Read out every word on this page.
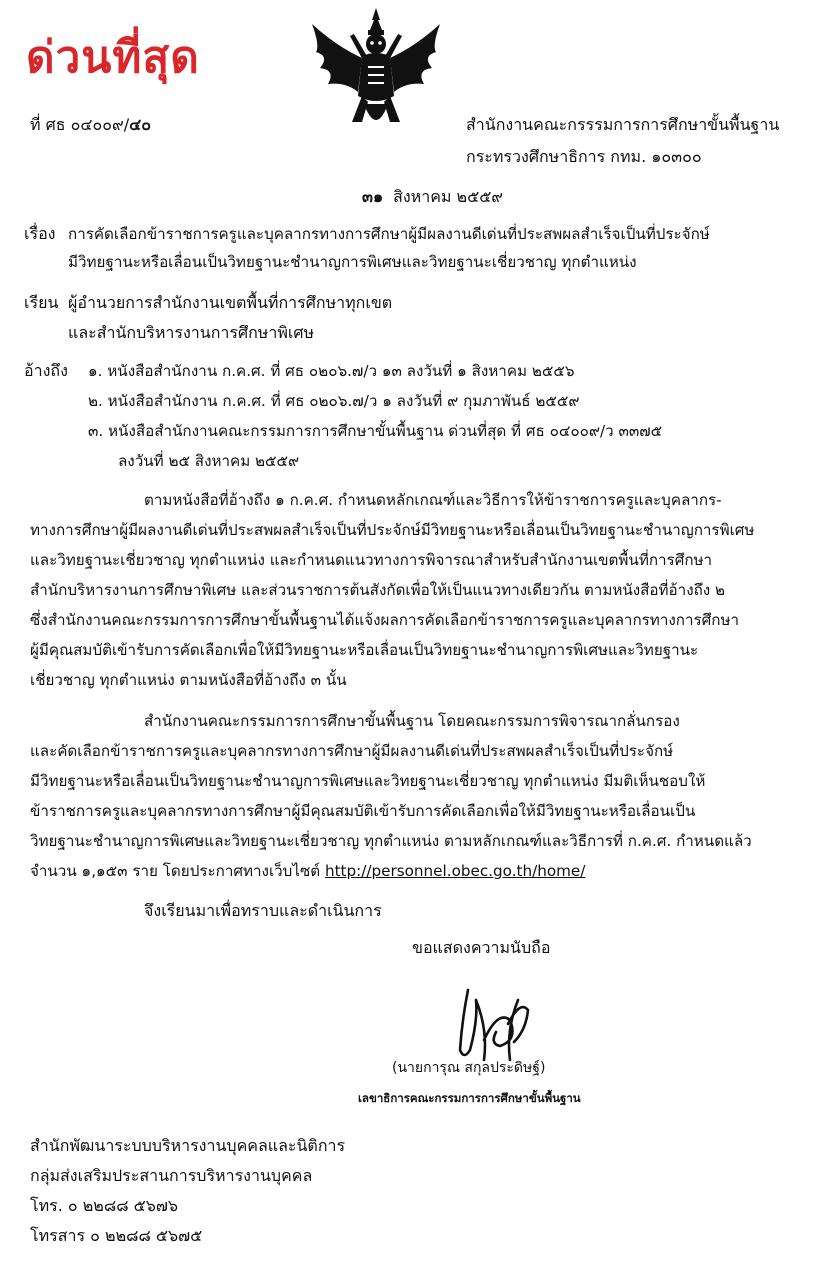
ด่วนที่สุด
ที่ ศธ ๐๔๐๐๙/๔๐	สำนักงานคณะกรรรมการการศึกษาขั้นพื้นฐาน
กระทรวงศึกษาธิการ กทม. ๑๐๓๐๐
๓๑ สิงหาคม ๒๕๕๙
เรื่อง การคัดเลือกข้าราชการครูและบุคลากรทางการศึกษาผู้มีผลงานดีเด่นที่ประสพผลสำเร็จเป็นที่ประจักษ์
มีวิทยฐานะหรือเลื่อนเป็นวิทยฐานะชำนาญการพิเศษและวิทยฐานะเชี่ยวชาญ ทุกตำแหน่ง
เรียน ผู้อำนวยการสำนักงานเขตพื้นที่การศึกษาทุกเขต
และสำนักบริหารงานการศึกษาพิเศษ
อ้างถึง ๑. หนังสือสำนักงาน ก.ค.ศ. ที่ ศธ ๐๒๐๖.๗/ว ๑๓ ลงวันที่ ๑ สิงหาคม ๒๕๕๖
๒. หนังสือสำนักงาน ก.ค.ศ. ที่ ศธ ๐๒๐๖.๗/ว ๑ ลงวันที่ ๙ กุมภาพันธ์ ๒๕๕๙
๓. หนังสือสำนักงานคณะกรรมการการศึกษาขั้นพื้นฐาน ด่วนที่สุด ที่ ศธ ๐๔๐๐๙/ว ๓๓๗๕
ลงวันที่ ๒๕ สิงหาคม ๒๕๕๙
ตามหนังสือที่อ้างถึง ๑ ก.ค.ศ. กำหนดหลักเกณฑ์และวิธีการให้ข้าราชการครูและบุคลากร-
ทางการศึกษาผู้มีผลงานดีเด่นที่ประสพผลสำเร็จเป็นที่ประจักษ์มีวิทยฐานะหรือเลื่อนเป็นวิทยฐานะชำนาญการพิเศษ
และวิทยฐานะเชี่ยวชาญ ทุกตำแหน่ง และกำหนดแนวทางการพิจารณาสำหรับสำนักงานเขตพื้นที่การศึกษา
สำนักบริหารงานการศึกษาพิเศษ และส่วนราชการต้นสังกัดเพื่อให้เป็นแนวทางเดียวกัน ตามหนังสือที่อ้างถึง ๒
ซึ่งสำนักงานคณะกรรมการการศึกษาขั้นพื้นฐานได้แจ้งผลการคัดเลือกข้าราชการครูและบุคลากรทางการศึกษา
ผู้มีคุณสมบัติเข้ารับการคัดเลือกเพื่อให้มีวิทยฐานะหรือเลื่อนเป็นวิทยฐานะชำนาญการพิเศษและวิทยฐานะ
เชี่ยวชาญ ทุกตำแหน่ง ตามหนังสือที่อ้างถึง ๓ นั้น
สำนักงานคณะกรรมการการศึกษาขั้นพื้นฐาน โดยคณะกรรมการพิจารณากลั่นกรอง
และคัดเลือกข้าราชการครูและบุคลากรทางการศึกษาผู้มีผลงานดีเด่นที่ประสพผลสำเร็จเป็นที่ประจักษ์
มีวิทยฐานะหรือเลื่อนเป็นวิทยฐานะชำนาญการพิเศษและวิทยฐานะเชี่ยวชาญ ทุกตำแหน่ง มีมติเห็นชอบให้
ข้าราชการครูและบุคลากรทางการศึกษาผู้มีคุณสมบัติเข้ารับการคัดเลือกเพื่อให้มีวิทยฐานะหรือเลื่อนเป็น
วิทยฐานะชำนาญการพิเศษและวิทยฐานะเชี่ยวชาญ ทุกตำแหน่ง ตามหลักเกณฑ์และวิธีการที่ ก.ค.ศ. กำหนดแล้ว
จำนวน ๑,๑๕๓ ราย โดยประกาศทางเว็บไซต์ http://personnel.obec.go.th/home/
จึงเรียนมาเพื่อทราบและดำเนินการ
ขอแสดงความนับถือ
(นายการุณ สกุลประดิษฐ์)
เลขาธิการคณะกรรมการการศึกษาขั้นพื้นฐาน
สำนักพัฒนาระบบบริหารงานบุคคลและนิติการ
กลุ่มส่งเสริมประสานการบริหารงานบุคคล
โทร. ๐ ๒๒๘๘ ๕๖๗๖
โทรสาร ๐ ๒๒๘๘ ๕๖๗๕
